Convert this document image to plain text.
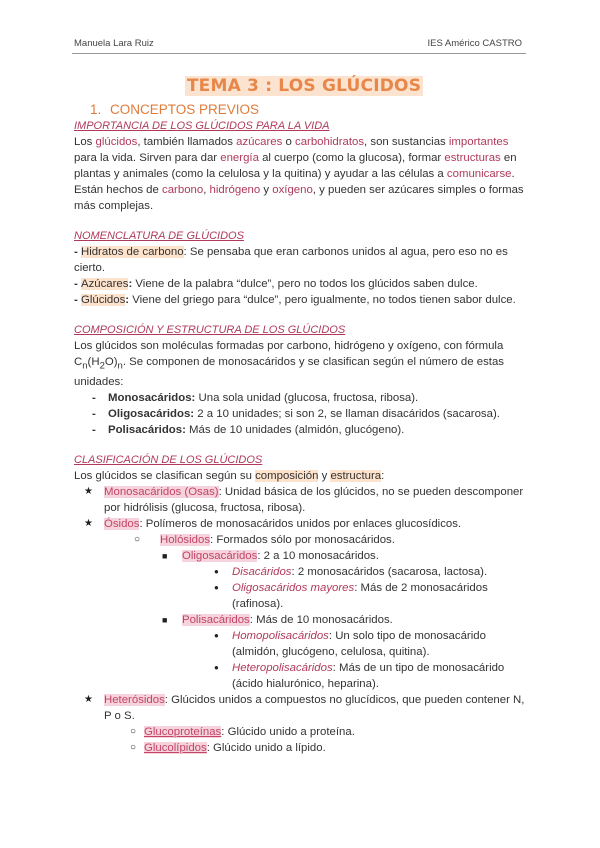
Manuela Lara Ruiz	IES Américo CASTRO
TEMA 3 : LOS GLÚCIDOS
1. CONCEPTOS PREVIOS
IMPORTANCIA DE LOS GLÚCIDOS PARA LA VIDA

Los glúcidos, también llamados azúcares o carbohidratos, son sustancias importantes para la vida. Sirven para dar energía al cuerpo (como la glucosa), formar estructuras en plantas y animales (como la celulosa y la quitina) y ayudar a las células a comunicarse.

Están hechos de carbono, hidrógeno y oxígeno, y pueden ser azúcares simples o formas más complejas.

NOMENCLATURA DE GLÚCIDOS

- Hidratos de carbono: Se pensaba que eran carbonos unidos al agua, pero eso no es cierto.

- Azúcares: Viene de la palabra “dulce”, pero no todos los glúcidos saben dulce.

- Glúcidos: Viene del griego para “dulce”, pero igualmente, no todos tienen sabor dulce.

COMPOSICIÓN Y ESTRUCTURA DE LOS GLÚCIDOS

Los glúcidos son moléculas formadas por carbono, hidrógeno y oxígeno, con fórmula $C_n(H_2O)_n$. Se componen de monosacáridos y se clasifican según el número de estas unidades:

- Monosacáridos: Una sola unidad (glucosa, fructosa, ribosa).
- Oligosacáridos: 2 a 10 unidades; si son 2, se llaman disacáridos (sacarosa).
- Polisacáridos: Más de 10 unidades (almidón, glucógeno).
CLASIFICACIÓN DE LOS GLÚCIDOS

Los glúcidos se clasifican según su composición y estructura:

★ Monosacáridos (Osas): Unidad básica de los glúcidos, no se pueden descomponer por hidrólisis (glucosa, fructosa, ribosa).
★ Ósidos: Polímeros de monosacáridos unidos por enlaces glucosídicos.
○ Holósidos: Formados sólo por monosacáridos.
■ Oligosacáridos: 2 a 10 monosacáridos.
● Disacáridos: 2 monosacáridos (sacarosa, lactosa).
● Oligosacáridos mayores: Más de 2 monosacáridos (rafinosa).
■ Polisacáridos: Más de 10 monosacáridos.
● Homopolisacáridos: Un solo tipo de monosacárido (almidón, glucógeno, celulosa, quitina).
● Heteropolisacáridos: Más de un tipo de monosacárido (ácido hialurónico, heparina).
★ Heterósidos: Glúcidos unidos a compuestos no glucídicos, que pueden contener N, P o S.
○ Glucoproteínas: Glúcido unido a proteína.
○ Glucolípidos: Glúcido unido a lípido.
